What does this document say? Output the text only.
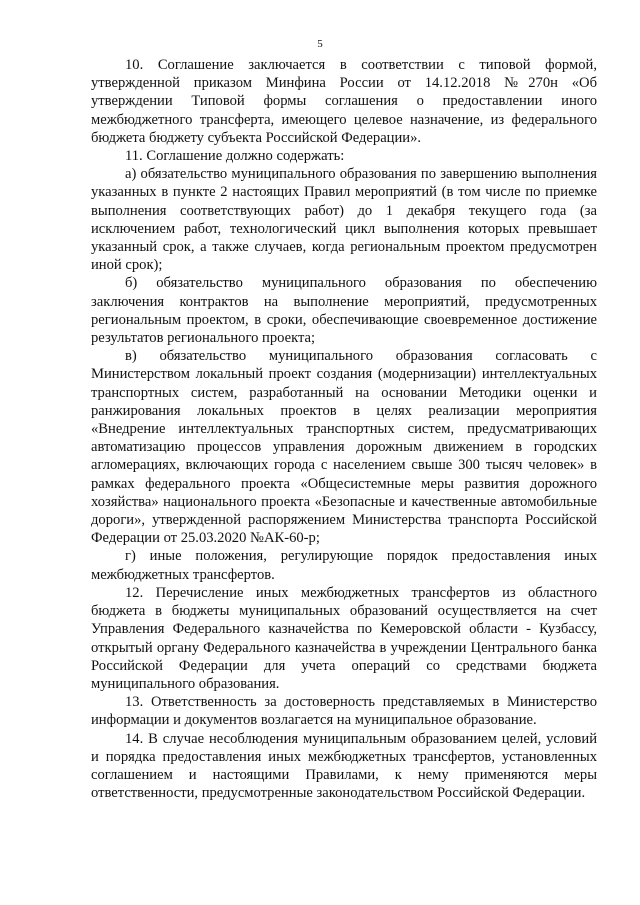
5

10. Соглашение заключается в соответствии с типовой формой, утвержденной приказом Минфина России от 14.12.2018 №270н «Об утверждении Типовой формы соглашения о предоставлении иного межбюджетного трансферта, имеющего целевое назначение, из федерального бюджета бюджету субъекта Российской Федерации».

11. Соглашение должно содержать:

а) обязательство муниципального образования по завершению выполнения указанных в пункте 2 настоящих Правил мероприятий (в том числе по приемке выполнения соответствующих работ) до 1 декабря текущего года (за исключением работ, технологический цикл выполнения которых превышает указанный срок, а также случаев, когда региональным проектом предусмотрен иной срок);

б) обязательство муниципального образования по обеспечению заключения контрактов на выполнение мероприятий, предусмотренных региональным проектом, в сроки, обеспечивающие своевременное достижение результатов регионального проекта;

в) обязательство муниципального образования согласовать с Министерством локальный проект создания (модернизации) интеллектуальных транспортных систем, разработанный на основании Методики оценки и ранжирования локальных проектов в целях реализации мероприятия «Внедрение интеллектуальных транспортных систем, предусматривающих автоматизацию процессов управления дорожным движением в городских агломерациях, включающих города с населением свыше 300 тысяч человек» в рамках федерального проекта «Общесистемные меры развития дорожного хозяйства» национального проекта «Безопасные и качественные автомобильные дороги», утвержденной распоряжением Министерства транспорта Российской Федерации от 25.03.2020 №АК-60-р;

г) иные положения, регулирующие порядок предоставления иных межбюджетных трансфертов.

12. Перечисление иных межбюджетных трансфертов из областного бюджета в бюджеты муниципальных образований осуществляется на счет Управления Федерального казначейства по Кемеровской области - Кузбассу, открытый органу Федерального казначейства в учреждении Центрального банка Российской Федерации для учета операций со средствами бюджета муниципального образования.

13. Ответственность за достоверность представляемых в Министерство информации и документов возлагается на муниципальное образование.

14. В случае несоблюдения муниципальным образованием целей, условий и порядка предоставления иных межбюджетных трансфертов, установленных соглашением и настоящими Правилами, к нему применяются меры ответственности, предусмотренные законодательством Российской Федерации.
